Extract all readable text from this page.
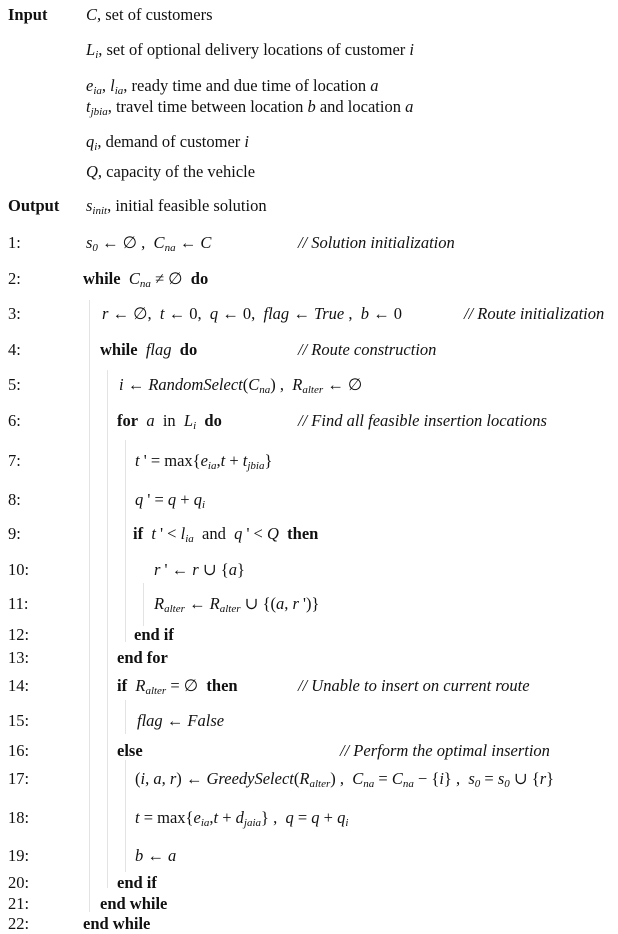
Input C, set of customers
$L_i$, set of optional delivery locations of customer i
$e_{ia}$, $l_{ia}$, ready time and due time of location a
$t_{jbia}$, travel time between location b and location a
$q_i$, demand of customer i
Q, capacity of the vehicle
Output $s_{init}$, initial feasible solution
1:	$s_0$ ← ∅ ,  $C_{na}$ ← C	// Solution initialization
2:	while $C_{na}$ ≠ ∅  do
3:	r ← ∅,  t ← 0,  q ← 0,  flag ← True ,  b ← 0	// Route initialization
4:	while flag do	// Route construction
5:	i ← $RandomSelect(C_{na})$ ,  $R_{alter}$ ← ∅
6:	for a in $L_i$ do	// Find all feasible insertion locations
7:	t ' = $\max\{e_{ia},t + t_{jbia}\}$
8:	q ' = $q + q_i$
9:	if t ' < $l_{ia}$ and q ' < Q then
10:	r ' ← r ∪ {a}
11:	$R_{alter}$ ← $R_{alter}$ ∪ {(a, r ')}
12:	end if
13:	end for
14:	if $R_{alter}$ = ∅  then	// Unable to insert on current route
15:	flag ← False
16:	else	// Perform the optimal insertion
17:	(i, a, r) ← $GreedySelect(R_{alter})$ ,  $C_{na} = C_{na} - \{i\}$ ,  $s_0 = s_0$ ∪ {r}
18:	$t = \max\{e_{ia},t + d_{jaia}\}$ ,  $q = q + q_i$
19:	b ← a
20:	end if
21:	end while
22:	end while
